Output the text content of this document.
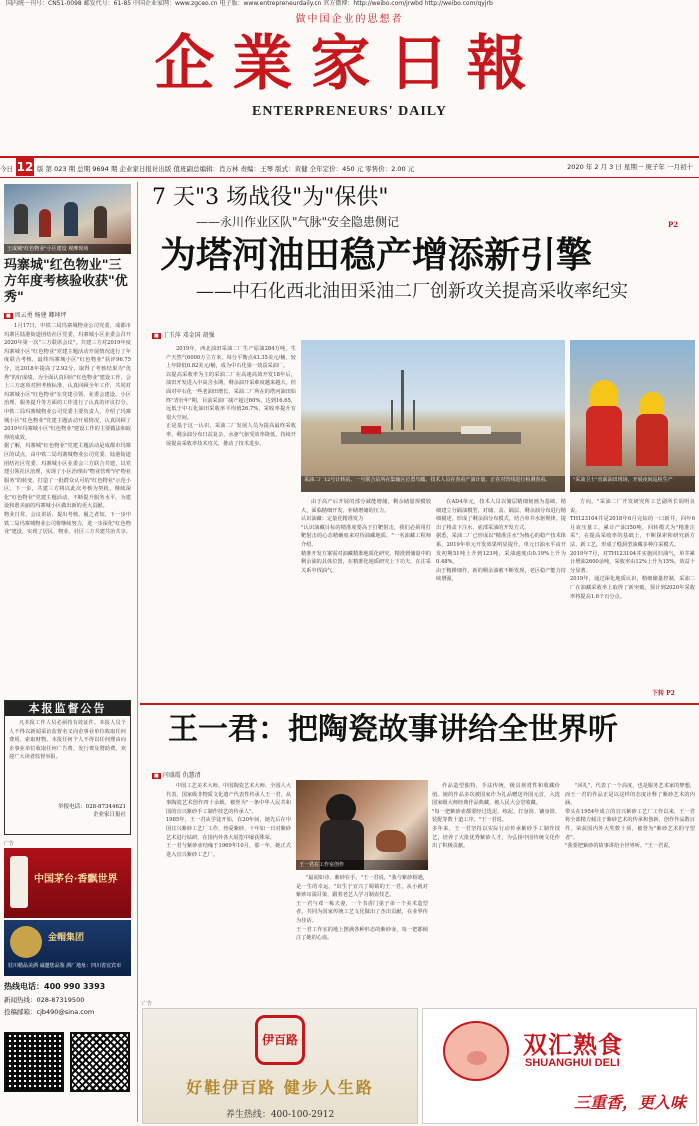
国内统一刊号：CN51-0098 邮发代号：61-85 中国企业家网：www.zgceo.cn 电子版：www.entrepreneurdaily.cn 官方微博：http://weibo.com/jrwbd http://weibo.com/qyjrb
做中国企业的思想者
企業家日報
ENTERPRENEURS' DAILY
今日 12 版 第 023 期 总期 9694 期 企业家日报社出版 值班副总编辑：肖万林 责编：王琴 版式：黄健 全年定价：450 元 零售价：2.00 元	2020 年 2 月 3 日 星期一 庚子年 一月初十
王成城"红色物业"小区建设 观摩现场
玛寨城"红色物业"三方年度考核验收获"优秀"
■ 周云勇 杨建 卿坤坪
1月17日，中铁二局玛寨城物业公司党委，成都市玛寨区陆港街道团结社区党委，玛寨城小区业委会召开2020年第一次"三方联席会议"，共建三方对2019年度玛寨城小区"红色物业"党建主题活动开展情况进行了年度联合考核，最终玛寨城小区"红色物业"获评96.75分，比2018年提高了2.92分，取得了考核结果为"优秀"的好成绩。为全面认真回应"红色物业"建设工作，会上三方逐项对照考核标准、认真回顾全年工作，共同对玛寨城小区"红色物业"在党建引领、业委会建设、小区治理、服务提升等方面的工作进行了认真的评议打分。中铁二局玛寨城物业公司党委主要负责人，介绍了玛寨城小区"红色物业"党建主题活动开展情况，认真回顾了2019年玛寨城小区"红色物业"建设工作的主要做法和取得的成效。
据了解，玛寨城"红色物业"党建主题活动是成都市玛寨区的试点，由中铁二局玛寨城物业公司党委、陆港街道团结社区党委、玛寨城小区业委会三方联合共建，以党建引领社区治理，实现了小区治理由"物业管理"向"物业服务"的转变，打造了一批群众认可的"红色物业"示范小区。下一步，共建三方将以此次考核为契机，继续深化"红色物业"党建主题活动，不断提升服务水平，为建设和谐美丽的玛寨城小区做出新的更大贡献。
物业日常、会议讲话、提出考核、履之者知，下一步中铁二局玛寨城物业公司将继续努力，进一步深化"红色物业"建设，实现了居民、物业、社区三方共建共治共享。
本报监督公告
凡本报工作人员必须持有效证件。本报人员个人不得以新闻采访监督名义向企事业单位收取任何费用、索取财物。本报任何个人不得以任何理由向企事业单位收取任何广告费、发行费及赞助费。欢迎广大读者监督举报。
举报电话：028-87344621
企业家日报社
广告
中国茅台·香飘世界
金帽集团
驻川精品美酒 诚邀您品鉴 酒厂地址：四川省宜宾市
热线电话：400 990 3393
新闻热线：028-87319500
投稿邮箱：cjb490@sina.com
7 天"3 场战役"为"保供"
——永川作业区队"气脉"安全隐患侧记	P2
为塔河油田稳产增添新引擎
——中石化西北油田采油二厂创新攻关提高采收率纪实
■ 丁玉萍 邓金国 胡强
2019年，西北油田采油二厂生产原油284万吨，生产天然气6000万立方米，每分平衡点43.35美元/桶，较上年降低0.82美元/桶，成为中石化第一效益采油厂。
以提高采收率为主的采油二厂在高速高效开发18年后，油田开发进入中高含水期，剩余油开采难度越来越大。但面对中石化一些老油田增长，采油二厂所在的塔河油田始终"青壮年"期，目前采油厂减产超过60%，达到16.65，远低于中石化油田采收率平均值26.7%，采收率提升有很大空间。
正是基于这一认识，采油二厂发展人员为提高最终采收率，剩余油分布日益复杂，水驱气驱受效率降低，持续开展提高采收率技术攻关，推动了技术进步。
采油二厂12号计转站、一号联合站所在集输区位置鸟瞰。技术人员在查看产油计量，正在对管线进行检测查看。	"采油卫士"直面油田现场，开展夜间巡检生产
由于高产后开展的部分减能增储，剩余储量规模较大，面临精细开发、补储增储的压力。
认识油藏：定量化精准发力
"认识油藏目标的精准度要高于打靶射击，我们必须用打靶射击的心态精确度来对待油藏地质。"一名油藏工程师介绍。
精准开发方案需对油藏精准地质化研究，精准到储量中的剩余油的具体位置，在精准化地质研究上下功夫，在注采关系中找油气。
在AD4单元，技术人员以储层精细刻画为基础，精细建立分隔油模型，对储、盖、隔层、剩余油分布进行精细描述，形成了剩余油分布模式，结合单井水驱规律，提出了将盖下注水、底部采油的开发方式。
据悉，采油二厂已形成以"精准注水"为核心的稳产技术体系，2019年单元开发效果明显提升，单元日油水平由开发初期51吨上升到123吨，采油速度由0.19%上升为0.48%。
由于精耕细作，新的剩余油被不断发现，老区稳产能力持续增强。
方向。"采油二厂开发研究所工艺副所长胡明良说。
TH123104井是2018年6月完钻的一口新井，回年6月衰压量工，累计产油350吨，回转模式为"精准注采"，在提高采收率的基础上，不断探索和研究新方法、新工艺，形成了缝洞型油藏多种注采模式。
2019年7月，对TH123104井实施回归油气，单井累计增油2600余吨，采收率由12%上升为15%，效益十分显著。
2019年，通过深化地质认识，精细储量控制，采油二厂在油藏采收率上取得了新突破，预计到2020年采收率将提高1.6个百分点。
下转 P2
王一君：把陶瓷故事讲给全世界听
■ 闫盛霞 仇慧清
中国工艺美术大师、中国陶瓷艺术大师、全国人大代表、国家级非物质文化遗产代表性传承人王一君，从事陶瓷艺术创作四十余载，被誉为"一条中华人民共和国的宜兴紫砂手工制作技艺的传承人"。
1985年，王一君从学徒开始，在20年间，她先后在中国宜兴紫砂工艺厂工作，热爱紫砂，十年如一日对紫砂艺术进行钻研，在国内外各大展览中屡获殊荣。
王一君与紫砂壶结缘于1969年10月，那一年，她正式进入宜兴紫砂工艺厂。
王一君在工作室创作
"最闻如诗、紫砂在手。"王一君说，"我与紫砂相遇，是一生的幸运。"出生于宜兴丁蜀镇的王一君，从小就对紫砂耳濡目染，跟着老艺人学习制壶技艺。
王一君与邓一栋夫妻，一个书香门第子弟一个美术造型者，共同为国家传统工艺文化做出了杰出贡献，在业界传为佳话。
王一君工作室的地上摆满各种形态的紫砂壶，每一把都倾注了她的心血。
作品造型独特，手法传统，极具观赏性和收藏价值。她的作品多次被国家作为礼品赠送外国元首，入选国家级大师经典作品典藏，被人民大会堂收藏。
"每一把紫砂壶都要经过选泥、练泥、打身筒、镶身筒、装配等数十道工序。"王一君说。
多年来，王一君坚持以实际行动传承紫砂手工制作技艺，培养了大批优秀紫砂人才，为弘扬中国传统文化作出了积极贡献。
"回礼"，代表了一个高度，也是服务艺术家的梦想，而王一君的作品正是以这样的态度诠释了紫砂艺术的内涵。
带头在1954年成立的宜兴紫砂工艺厂工作以来，王一君将全部精力倾注于紫砂艺术的传承和创新，创作作品数百件，荣获国内外大奖数十项，被誉为"紫砂艺术的守望者"。
"我要把紫砂的故事讲给全世界听。"王一君说。
广告
伊百路
好鞋伊百路 健步人生路
养生热线：400-100-2912
双汇熟食
SHUANGHUI DELI
三重香，更入味
